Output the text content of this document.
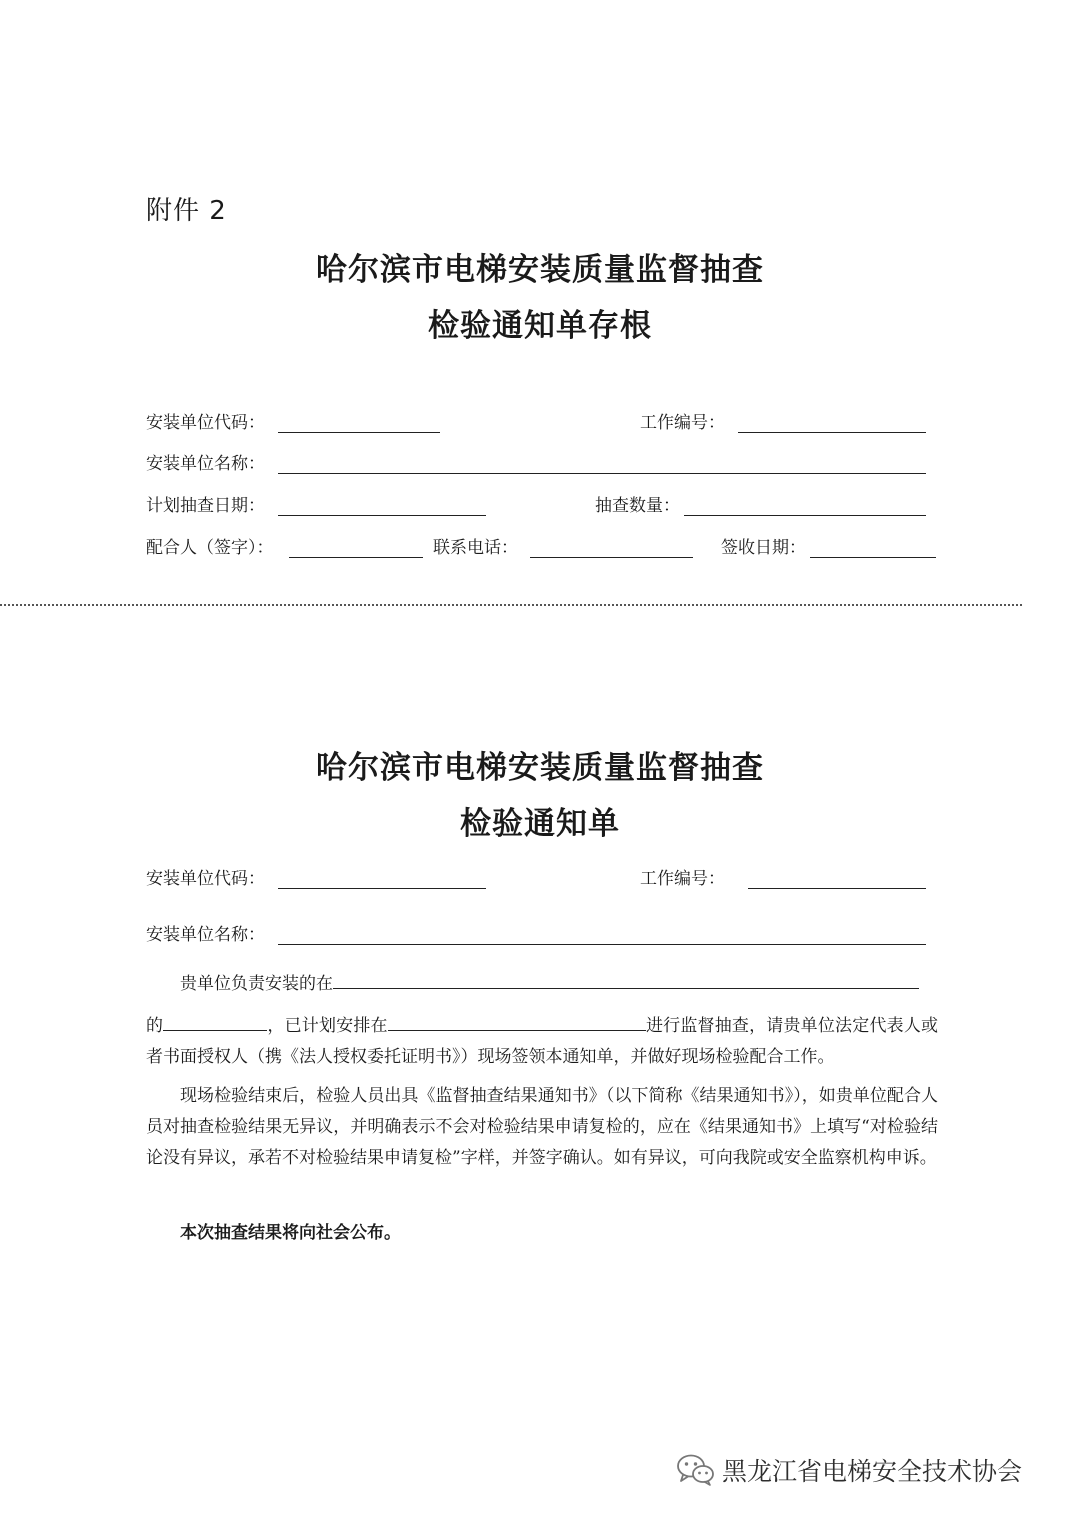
附件 2
哈尔滨市电梯安装质量监督抽查
检验通知单存根
安装单位代码：	工作编号：
安装单位名称：
计划抽查日期：	抽查数量：
配合人（签字）：	联系电话：	签收日期：
哈尔滨市电梯安装质量监督抽查
检验通知单
安装单位代码：	工作编号：
安装单位名称：
贵单位负责安装的在
的	，已计划安排在	进行监督抽查，请贵单位法定代表人或者书面授权人（携《法人授权委托证明书》）现场签领本通知单，并做好现场检验配合工作。
现场检验结束后，检验人员出具《监督抽查结果通知书》（以下简称《结果通知书》），如贵单位配合人员对抽查检验结果无异议，并明确表示不会对检验结果申请复检的，应在《结果通知书》上填写“对检验结论没有异议，承若不对检验结果申请复检”字样，并签字确认。如有异议，可向我院或安全监察机构申诉。
本次抽查结果将向社会公布。
黑龙江省电梯安全技术协会
